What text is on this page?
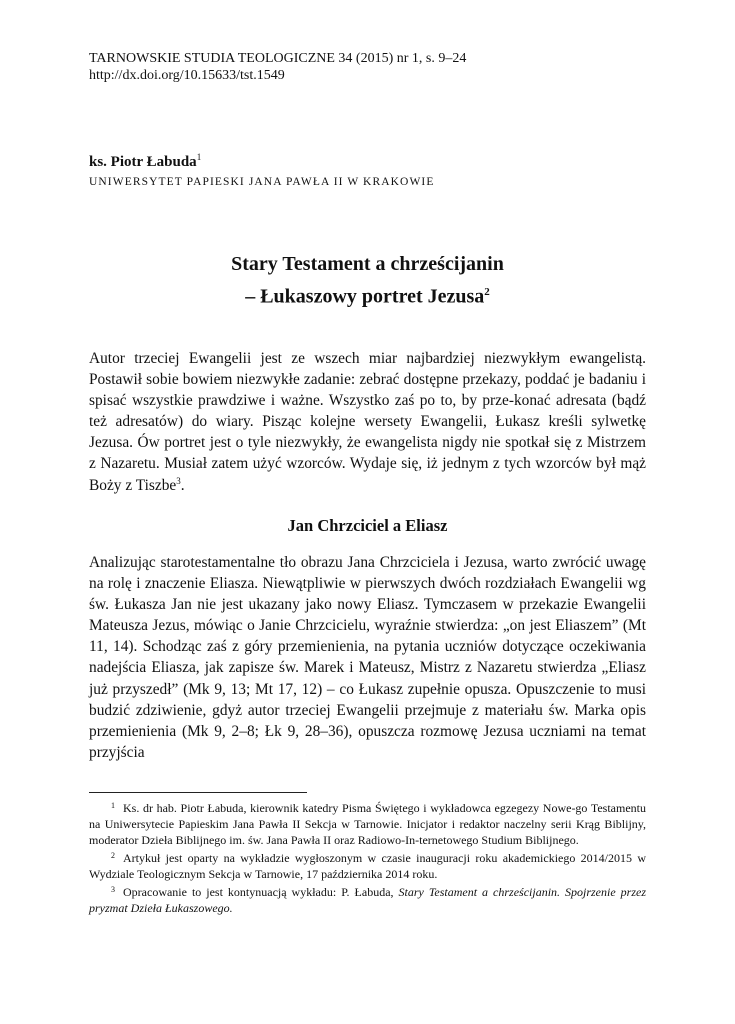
TARNOWSKIE STUDIA TEOLOGICZNE 34 (2015) nr 1, s. 9–24
http://dx.doi.org/10.15633/tst.1549
ks. Piotr Łabuda$^1$
UNIWERSYTET PAPIESKI JANA PAWŁA II W KRAKOWIE
Stary Testament a chrześcijanin
– Łukaszowy portret Jezusa$^2$
Autor trzeciej Ewangelii jest ze wszech miar najbardziej niezwykłym ewangelistą. Postawił sobie bowiem niezwykłe zadanie: zebrać dostępne przekazy, poddać je badaniu i spisać wszystkie prawdziwe i ważne. Wszystko zaś po to, by prze-konać adresata (bądź też adresatów) do wiary. Pisząc kolejne wersety Ewangelii, Łukasz kreśli sylwetkę Jezusa. Ów portret jest o tyle niezwykły, że ewangelista nigdy nie spotkał się z Mistrzem z Nazaretu. Musiał zatem użyć wzorców. Wydaje się, iż jednym z tych wzorców był mąż Boży z Tiszbe$^3$.
Jan Chrzciciel a Eliasz
Analizując starotestamentalne tło obrazu Jana Chrzciciela i Jezusa, warto zwrócić uwagę na rolę i znaczenie Eliasza. Niewątpliwie w pierwszych dwóch rozdziałach Ewangelii wg św. Łukasza Jan nie jest ukazany jako nowy Eliasz. Tymczasem w przekazie Ewangelii Mateusza Jezus, mówiąc o Janie Chrzcicielu, wyraźnie stwierdza: „on jest Eliaszem” (Mt 11, 14). Schodząc zaś z góry przemienienia, na pytania uczniów dotyczące oczekiwania nadejścia Eliasza, jak zapisze św. Marek i Mateusz, Mistrz z Nazaretu stwierdza „Eliasz już przyszedł” (Mk 9, 13; Mt 17, 12) – co Łukasz zupełnie opusza. Opuszczenie to musi budzić zdziwienie, gdyż autor trzeciej Ewangelii przejmuje z materiału św. Marka opis przemienienia (Mk 9, 2–8; Łk 9, 28–36), opuszcza rozmowę Jezusa uczniami na temat przyjścia

$^1$ Ks. dr hab. Piotr Łabuda, kierownik katedry Pisma Świętego i wykładowca egzegezy Nowe-go Testamentu na Uniwersytecie Papieskim Jana Pawła II Sekcja w Tarnowie. Inicjator i redaktor naczelny serii Krąg Biblijny, moderator Dzieła Biblijnego im. św. Jana Pawła II oraz Radiowo-In-ternetowego Studium Biblijnego.

$^2$ Artykuł jest oparty na wykładzie wygłoszonym w czasie inauguracji roku akademickiego 2014/2015 w Wydziale Teologicznym Sekcja w Tarnowie, 17 października 2014 roku.

$^3$ Opracowanie to jest kontynuacją wykładu: P. Łabuda, Stary Testament a chrześcijanin. Spojrzenie przez pryzmat Dzieła Łukaszowego.
